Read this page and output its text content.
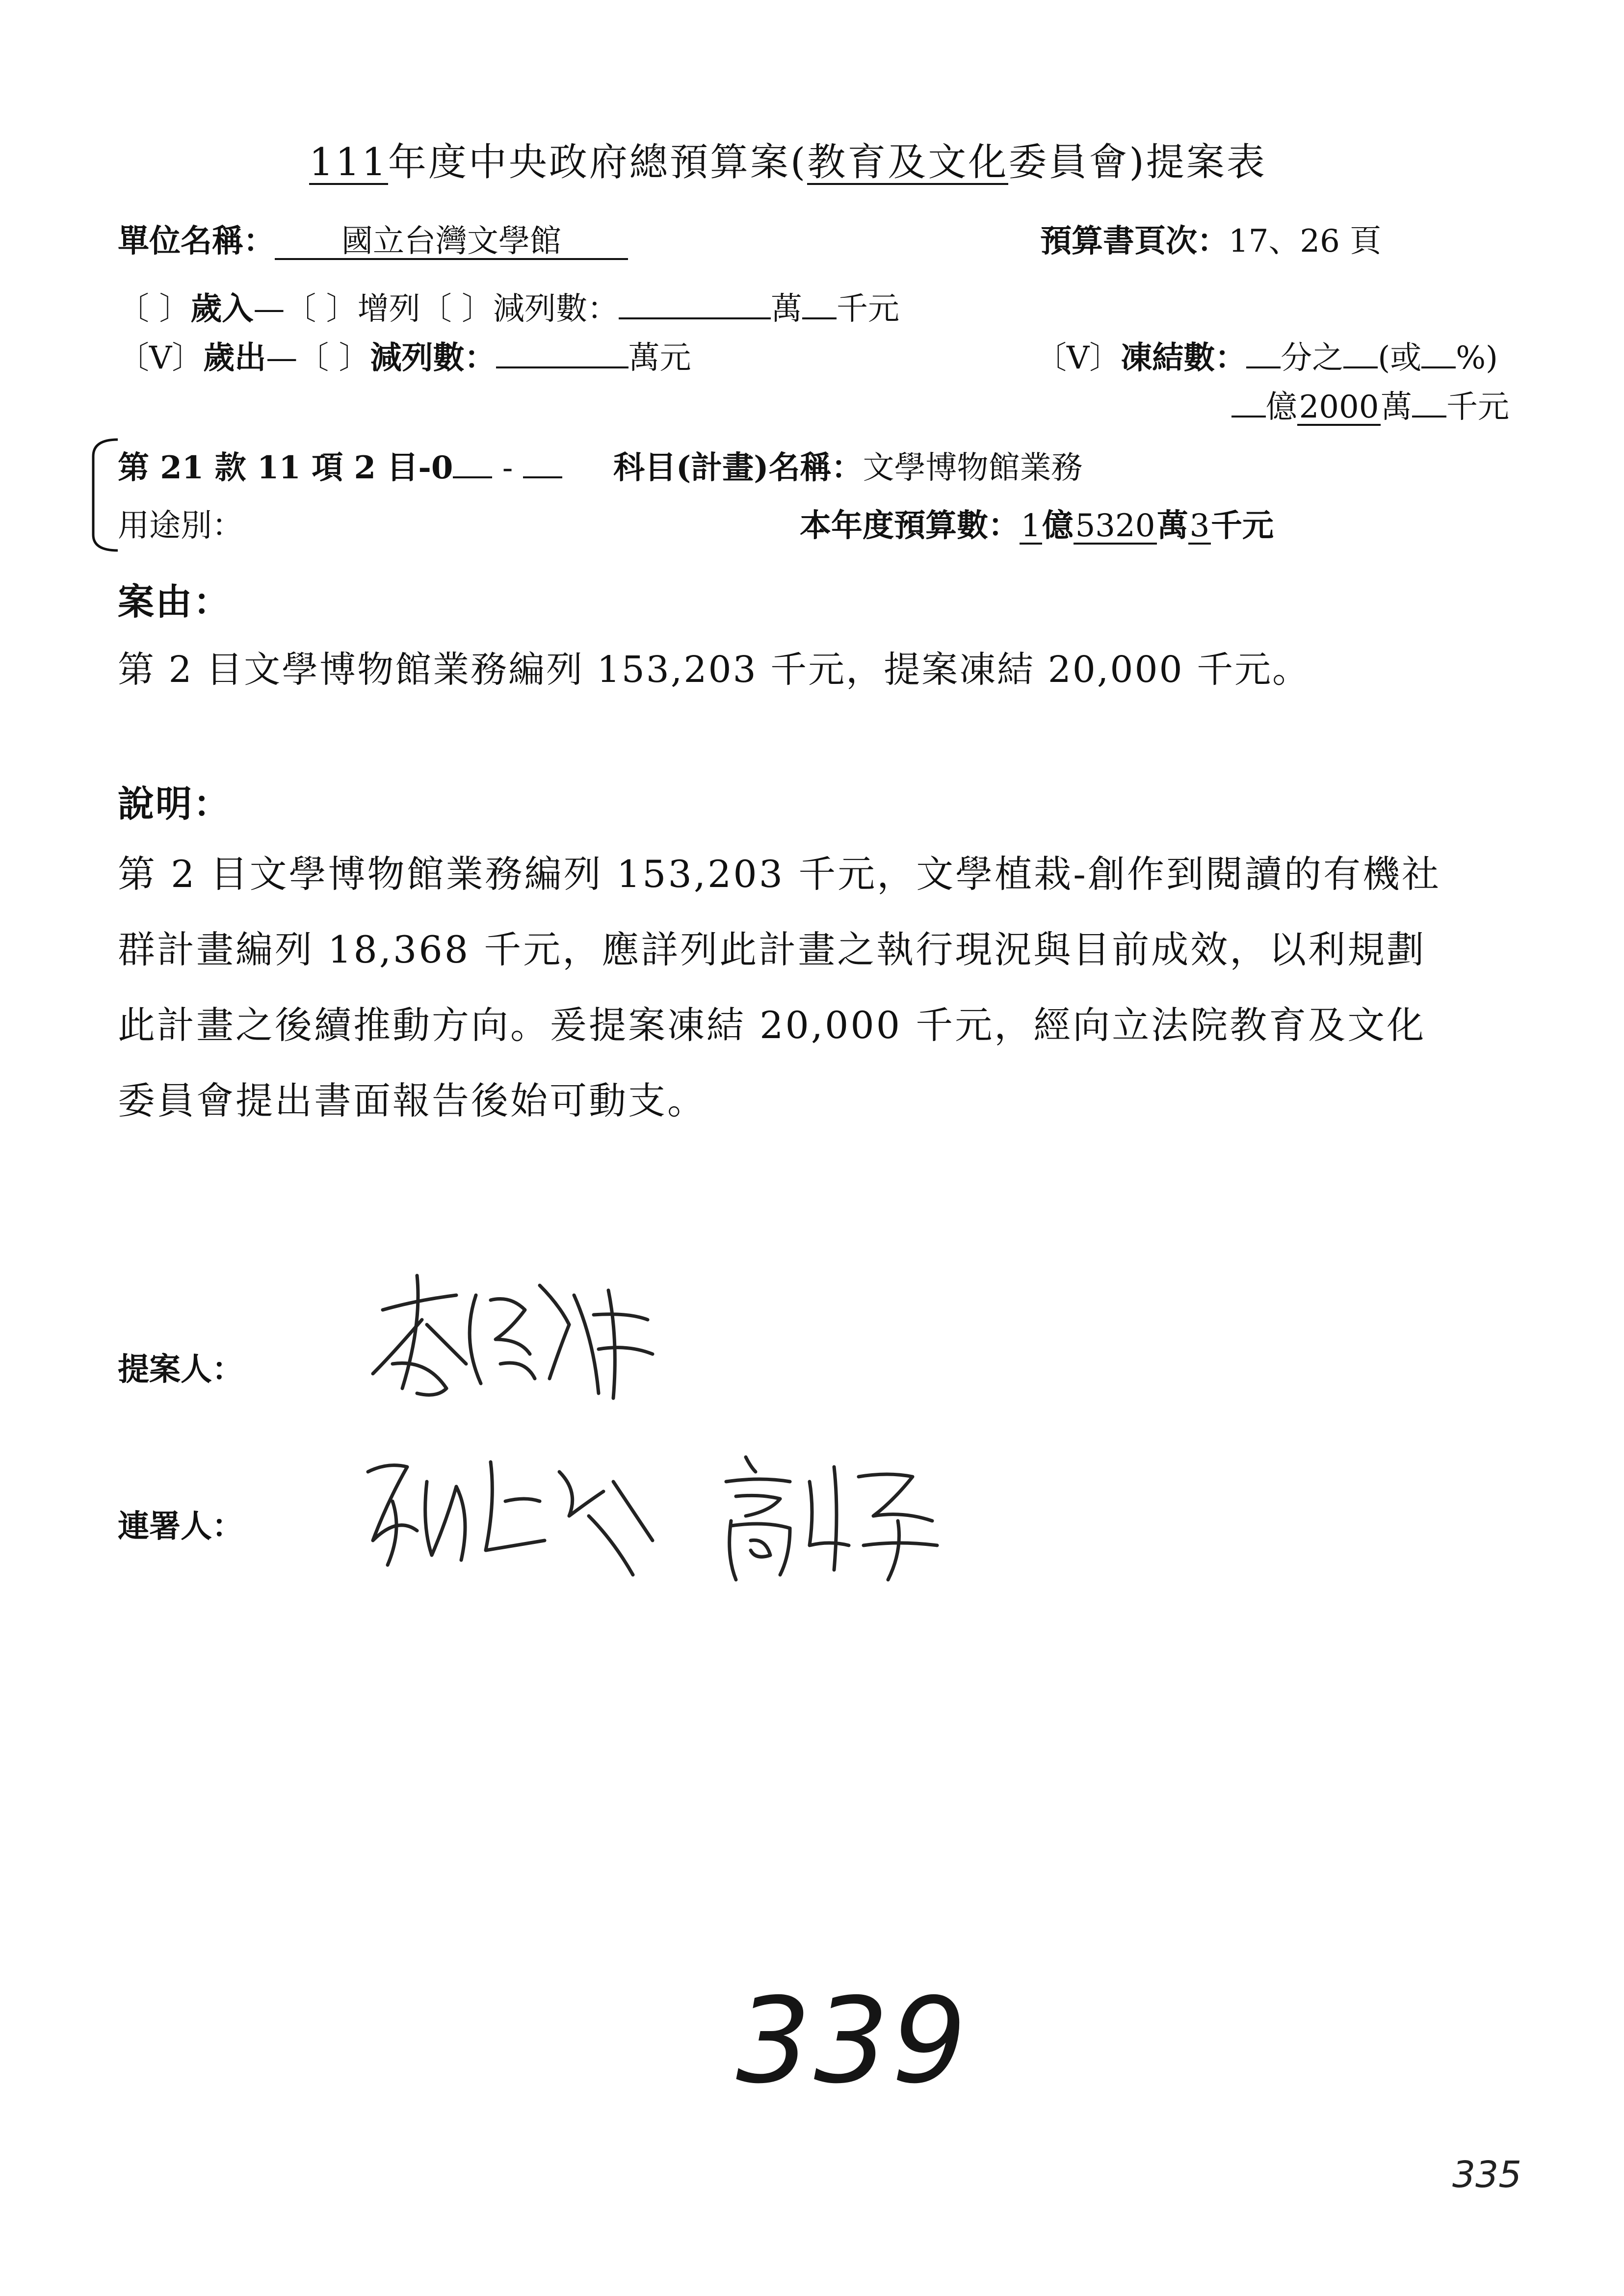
111年度中央政府總預算案(教育及文化委員會)提案表
單位名稱： 國立台灣文學館	預算書頁次：17、26 頁
〔 〕歲入—〔 〕增列〔 〕減列數：	萬 千元
〔V〕歲出—〔 〕減列數：	萬元	〔V〕凍結數： 分之 (或 %)
億2000萬 千元
第 21 款 11 項 2 目-0 -	科目(計畫)名稱：文學博物館業務
用途別：	本年度預算數：1億5320萬3千元
案由：
第 2 目文學博物館業務編列 153,203 千元，提案凍結 20,000 千元。
說明：
第 2 目文學博物館業務編列 153,203 千元，文學植栽-創作到閱讀的有機社
群計畫編列 18,368 千元，應詳列此計畫之執行現況與目前成效，以利規劃
此計畫之後續推動方向。爰提案凍結 20,000 千元，經向立法院教育及文化
委員會提出書面報告後始可動支。
提案人：
連署人：
339
335
